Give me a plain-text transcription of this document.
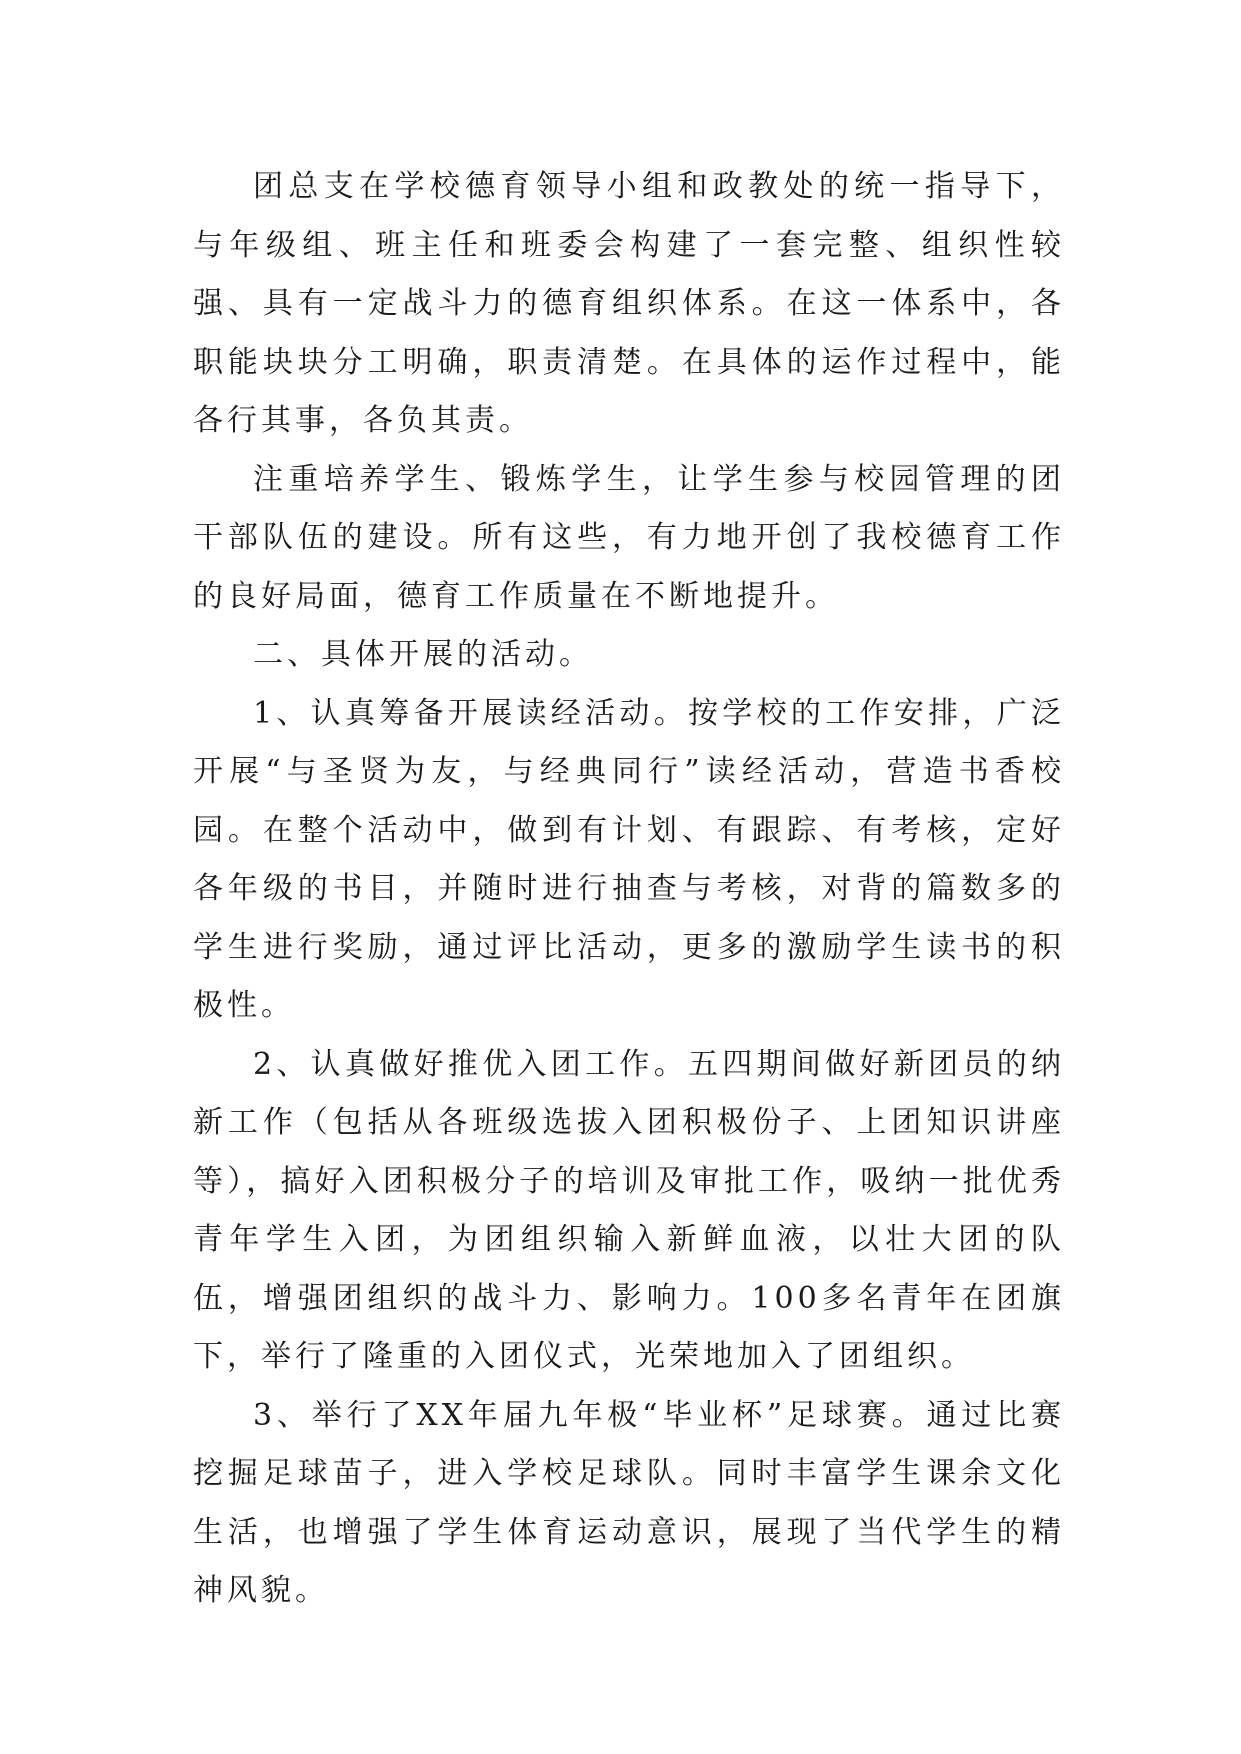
团总支在学校德育领导小组和政教处的统一指导下，与年级组、班主任和班委会构建了一套完整、组织性较强、具有一定战斗力的德育组织体系。在这一体系中，各职能块块分工明确，职责清楚。在具体的运作过程中，能各行其事，各负其责。

注重培养学生、锻炼学生，让学生参与校园管理的团干部队伍的建设。所有这些，有力地开创了我校德育工作的良好局面，德育工作质量在不断地提升。

二、具体开展的活动。

1、认真筹备开展读经活动。按学校的工作安排，广泛开展“与圣贤为友，与经典同行”读经活动，营造书香校园。在整个活动中，做到有计划、有跟踪、有考核，定好各年级的书目，并随时进行抽查与考核，对背的篇数多的学生进行奖励，通过评比活动，更多的激励学生读书的积极性。

2、认真做好推优入团工作。五四期间做好新团员的纳新工作（包括从各班级选拔入团积极份子、上团知识讲座等），搞好入团积极分子的培训及审批工作，吸纳一批优秀青年学生入团，为团组织输入新鲜血液，以壮大团的队伍，增强团组织的战斗力、影响力。100多名青年在团旗下，举行了隆重的入团仪式，光荣地加入了团组织。

3、举行了XX年届九年极“毕业杯”足球赛。通过比赛挖掘足球苗子，进入学校足球队。同时丰富学生课余文化生活，也增强了学生体育运动意识，展现了当代学生的精神风貌。
